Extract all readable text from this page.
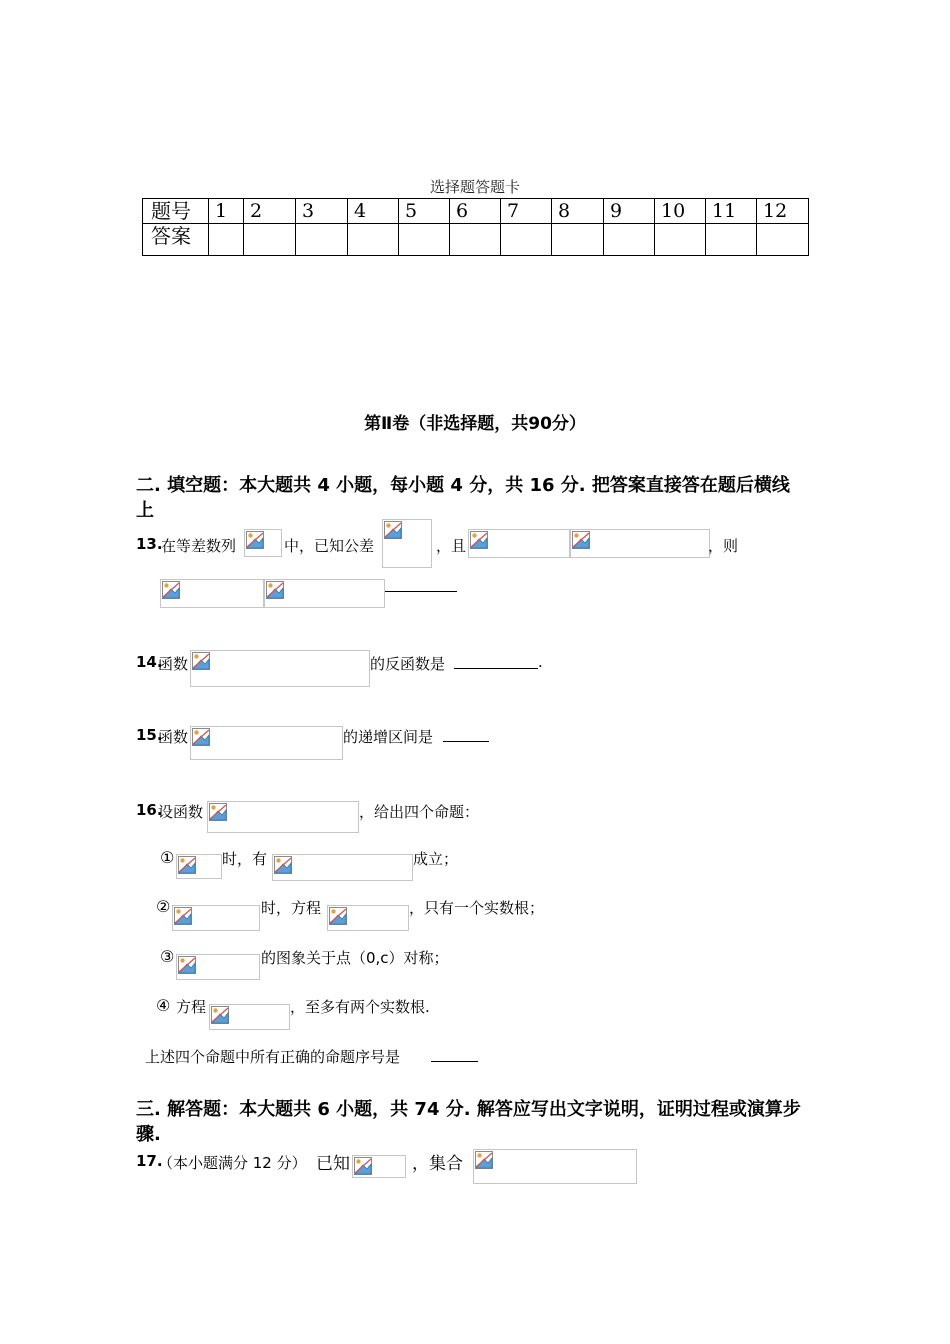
选择题答题卡
题号	1	2	3	4	5	6	7	8	9	10	11	12
答案												
第Ⅱ卷（非选择题，共90分）
二. 填空题：本大题共 4 小题，每小题 4 分，共 16 分. 把答案直接答在题后横线
上
13.
在等差数列	中，已知公差	，且	，则
14.
函数	的反函数是	.
15.
函数	的递增区间是
16.
设函数	，给出四个命题：
①	时，有	成立；
②	时，方程	，只有一个实数根；
③	的图象关于点（0,c）对称；
④ 方程	，至多有两个实数根.
上述四个命题中所有正确的命题序号是
三. 解答题：本大题共 6 小题，共 74 分. 解答应写出文字说明，证明过程或演算步
骤.
17.
（本小题满分 12 分） 已知	，集合
